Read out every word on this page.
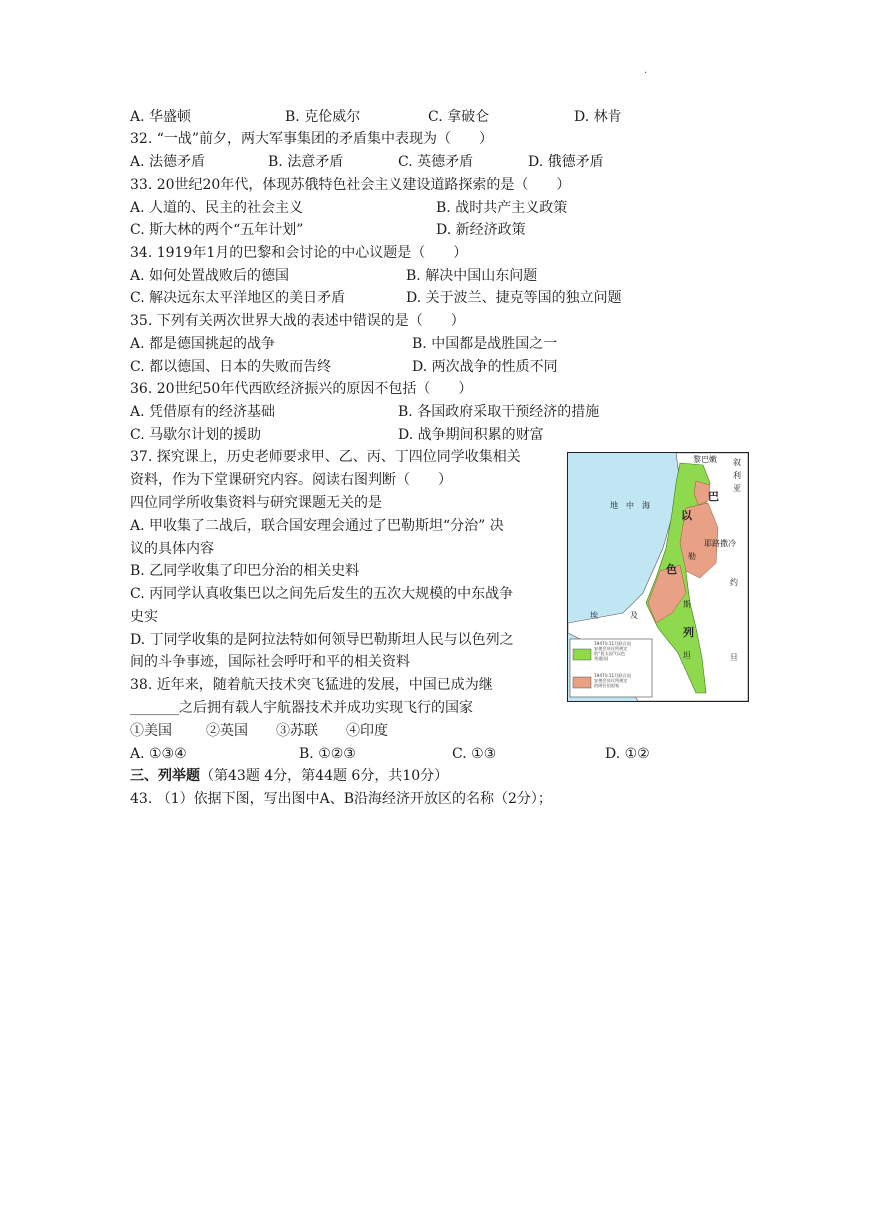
·
A. 华盛顿	B. 克伦威尔	C. 拿破仑	D. 林肯
32. “一战”前夕，两大军事集团的矛盾集中表现为（　　）
A. 法德矛盾	B. 法意矛盾	C. 英德矛盾	D. 俄德矛盾
33. 20世纪20年代，体现苏俄特色社会主义建设道路探索的是（　　）
A. 人道的、民主的社会主义	B. 战时共产主义政策
C. 斯大林的两个“五年计划”	D. 新经济政策
34. 1919年1月的巴黎和会讨论的中心议题是（　　）
A. 如何处置战败后的德国	B. 解决中国山东问题
C. 解决远东太平洋地区的美日矛盾	D. 关于波兰、捷克等国的独立问题
35. 下列有关两次世界大战的表述中错误的是（　　）
A. 都是德国挑起的战争	B. 中国都是战胜国之一
C. 都以德国、日本的失败而告终	D. 两次战争的性质不同
36. 20世纪50年代西欧经济振兴的原因不包括（　　）
A. 凭借原有的经济基础	B. 各国政府采取干预经济的措施
C. 马歇尔计划的援助	D. 战争期间积累的财富
37. 探究课上，历史老师要求甲、乙、丙、丁四位同学收集相关
资料，作为下堂课研究内容。阅读右图判断（　　）
四位同学所收集资料与研究课题无关的是
A. 甲收集了二战后，联合国安理会通过了巴勒斯坦“分治” 决
议的具体内容
B. 乙同学收集了印巴分治的相关史料
C. 丙同学认真收集巴以之间先后发生的五次大规模的中东战争
史实
D. 丁同学收集的是阿拉法特如何领导巴勒斯坦人民与以色列之
间的斗争事迹，国际社会呼吁和平的相关资料
38. 近年来，随着航天技术突飞猛进的发展，中国已成为继
_______之后拥有载人宇航器技术并成功实现飞行的国家
①美国 ②英国 ③苏联 ④印度
A. ①③④	B. ①②③	C. ①③	D. ①②
三、列举题（第43题 4分，第44题 6分，共10分）
43. （1）依据下图，写出图中A、B沿海经济开放区的名称（2分）；
1947年11月联合国
安理会决议所规定
的“犹太国”(以色
列建国)
1947年11月联合国
安理会决议所规定
的阿拉伯国家
黎巴嫩 叙
利
亚
地　中　海
以
色
列
巴
勒
斯
坦
耶路撒冷
约
旦
埃	及
